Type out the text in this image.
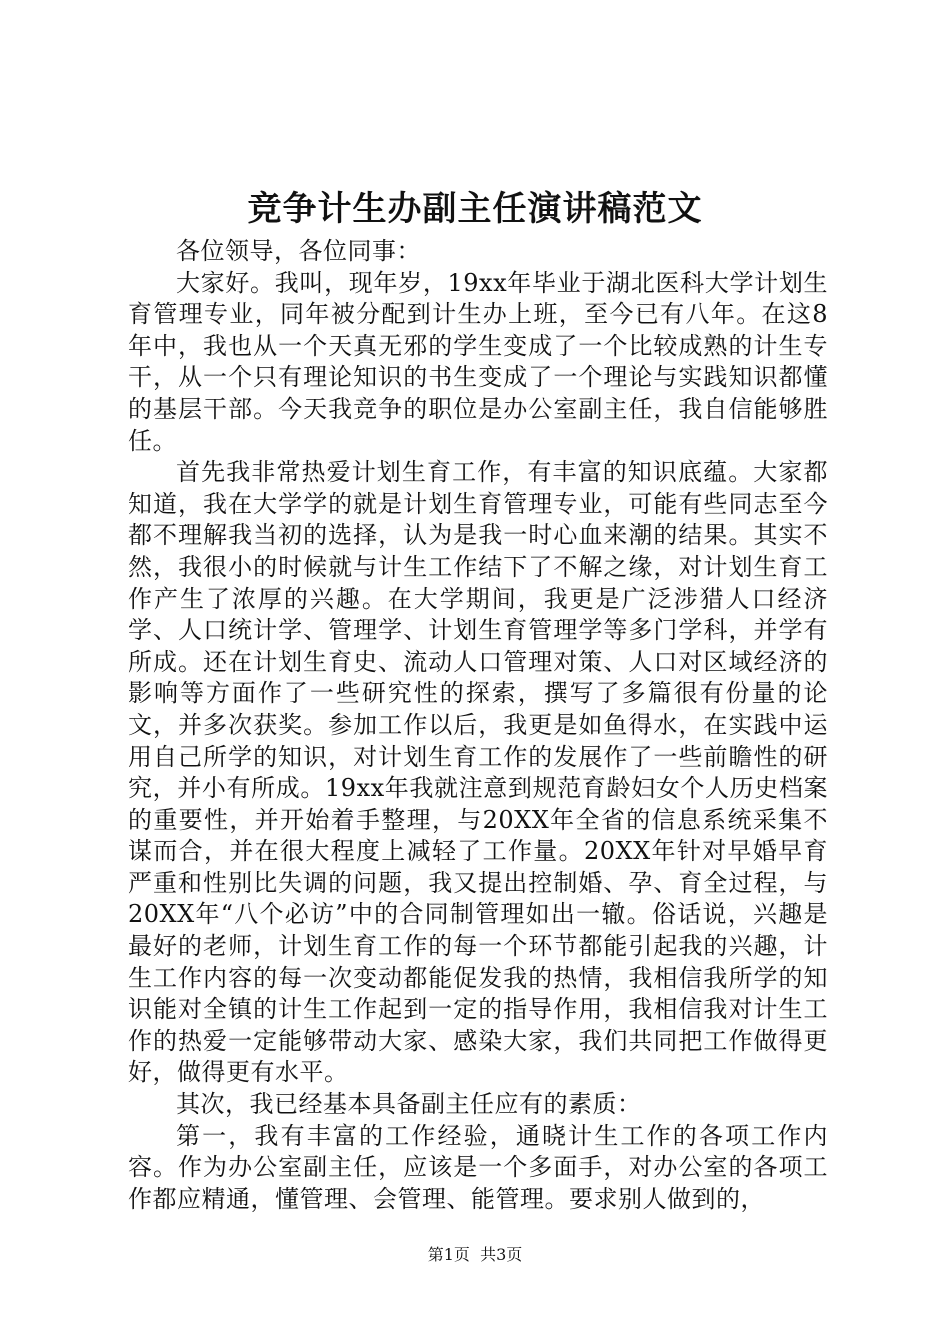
竞争计生办副主任演讲稿范文

各位领导，各位同事：

大家好。我叫，现年岁，19xx年毕业于湖北医科大学计划生育管理专业，同年被分配到计生办上班，至今已有八年。在这8年中，我也从一个天真无邪的学生变成了一个比较成熟的计生专干，从一个只有理论知识的书生变成了一个理论与实践知识都懂的基层干部。今天我竞争的职位是办公室副主任，我自信能够胜任。

首先我非常热爱计划生育工作，有丰富的知识底蕴。大家都知道，我在大学学的就是计划生育管理专业，可能有些同志至今都不理解我当初的选择，认为是我一时心血来潮的结果。其实不然，我很小的时候就与计生工作结下了不解之缘，对计划生育工作产生了浓厚的兴趣。在大学期间，我更是广泛涉猎人口经济学、人口统计学、管理学、计划生育管理学等多门学科，并学有所成。还在计划生育史、流动人口管理对策、人口对区域经济的影响等方面作了一些研究性的探索，撰写了多篇很有份量的论文，并多次获奖。参加工作以后，我更是如鱼得水，在实践中运用自己所学的知识，对计划生育工作的发展作了一些前瞻性的研究，并小有所成。19xx年我就注意到规范育龄妇女个人历史档案的重要性，并开始着手整理，与20XX年全省的信息系统采集不谋而合，并在很大程度上减轻了工作量。20XX年针对早婚早育严重和性别比失调的问题，我又提出控制婚、孕、育全过程，与20XX年“八个必访”中的合同制管理如出一辙。俗话说，兴趣是最好的老师，计划生育工作的每一个环节都能引起我的兴趣，计生工作内容的每一次变动都能促发我的热情，我相信我所学的知识能对全镇的计生工作起到一定的指导作用，我相信我对计生工作的热爱一定能够带动大家、感染大家，我们共同把工作做得更好，做得更有水平。

其次，我已经基本具备副主任应有的素质：

第一，我有丰富的工作经验，通晓计生工作的各项工作内容。作为办公室副主任，应该是一个多面手，对办公室的各项工作都应精通，懂管理、会管理、能管理。要求别人做到的，

第1页 共3页
